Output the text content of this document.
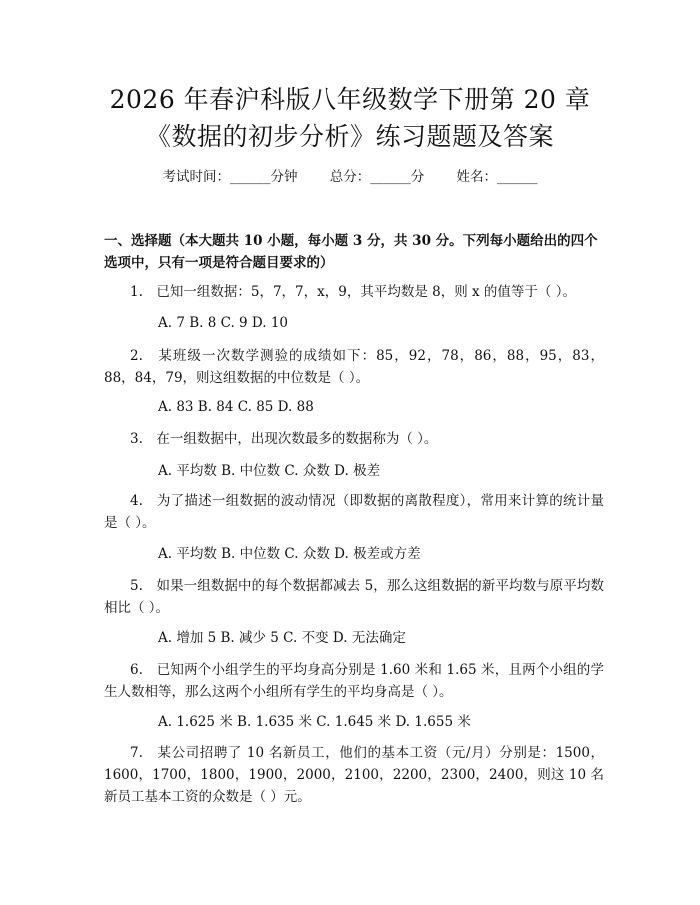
2026 年春沪科版八年级数学下册第 20 章
《数据的初步分析》练习题题及答案
考试时间：______分钟 总分：______分 姓名：______
一、选择题（本大题共 10 小题，每小题 3 分，共 30 分。下列每小题给出的四个选项中，只有一项是符合题目要求的）
1.　已知一组数据：5，7，7，x，9，其平均数是 8，则 x 的值等于（ ）。
A. 7 B. 8 C. 9 D. 10
2.　某班级一次数学测验的成绩如下：85，92，78，86，88，95，83，88，84，79，则这组数据的中位数是（ ）。
A. 83 B. 84 C. 85 D. 88
3.　在一组数据中，出现次数最多的数据称为（ ）。
A. 平均数 B. 中位数 C. 众数 D. 极差
4.　为了描述一组数据的波动情况（即数据的离散程度），常用来计算的统计量是（ ）。
A. 平均数 B. 中位数 C. 众数 D. 极差或方差
5.　如果一组数据中的每个数据都减去 5，那么这组数据的新平均数与原平均数相比（ ）。
A. 增加 5 B. 减少 5 C. 不变 D. 无法确定
6.　已知两个小组学生的平均身高分别是 1.60 米和 1.65 米，且两个小组的学生人数相等，那么这两个小组所有学生的平均身高是（ ）。
A. 1.625 米 B. 1.635 米 C. 1.645 米 D. 1.655 米
7.　某公司招聘了 10 名新员工，他们的基本工资（元/月）分别是：1500，1600，1700，1800，1900，2000，2100，2200，2300，2400，则这 10 名新员工基本工资的众数是（ ）元。
